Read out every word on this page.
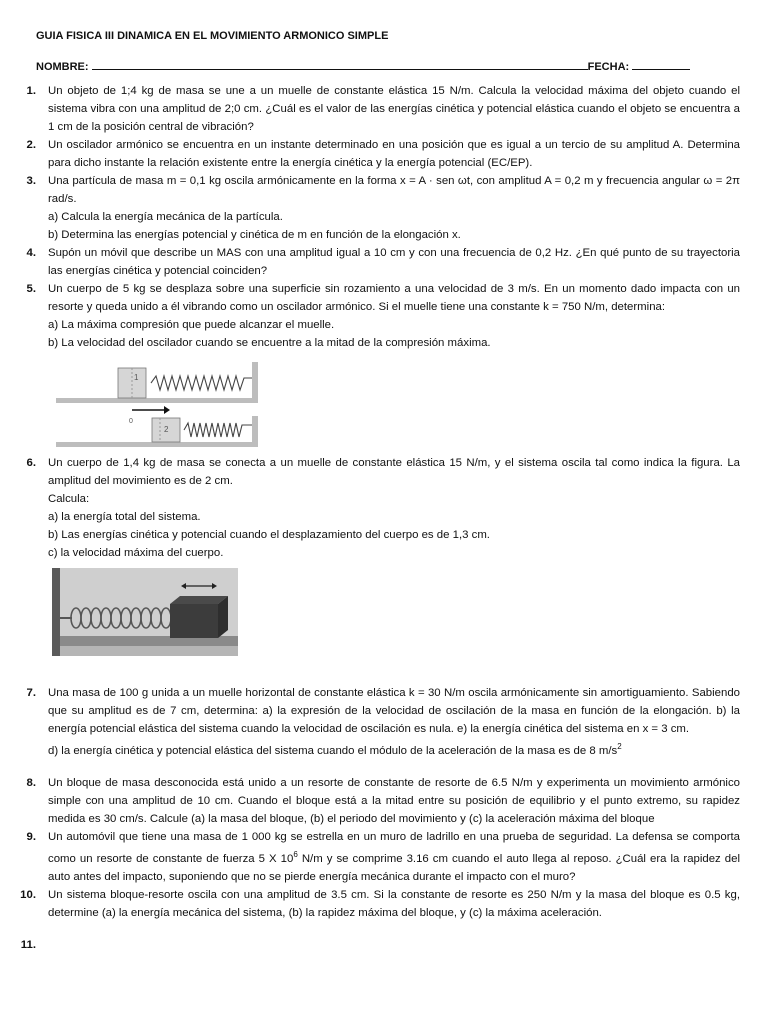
GUIA FISICA III DINAMICA EN EL MOVIMIENTO ARMONICO SIMPLE
NOMBRE:	FECHA:
1.	Un objeto de 1;4 kg de masa se une a un muelle de constante elástica 15 N/m. Calcula la velocidad máxima del objeto cuando el sistema vibra con una amplitud de 2;0 cm. ¿Cuál es el valor de las energías cinética y potencial elástica cuando el objeto se encuentra a 1 cm de la posición central de vibración?

2.	Un oscilador armónico se encuentra en un instante determinado en una posición que es igual a un tercio de su amplitud A. Determina para dicho instante la relación existente entre la energía cinética y la energía potencial (EC/EP).

3.	Una partícula de masa m = 0,1 kg oscila armónicamente en la forma x = A · sen ωt, con amplitud A = 0,2 m y frecuencia angular ω = 2π rad/s.

a) Calcula la energía mecánica de la partícula.

b) Determina las energías potencial y cinética de m en función de la elongación x.

4.	Supón un móvil que describe un MAS con una amplitud igual a 10 cm y con una frecuencia de 0,2 Hz. ¿En qué punto de su trayectoria las energías cinética y potencial coinciden?

5.	Un cuerpo de 5 kg se desplaza sobre una superficie sin rozamiento a una velocidad de 3 m/s. En un momento dado impacta con un resorte y queda unido a él vibrando como un oscilador armónico. Si el muelle tiene una constante k = 750 N/m, determina:

a) La máxima compresión que puede alcanzar el muelle.

b) La velocidad del oscilador cuando se encuentre a la mitad de la compresión máxima.

1
0
2
6.	Un cuerpo de 1,4 kg de masa se conecta a un muelle de constante elástica 15 N/m, y el sistema oscila tal como indica la figura. La amplitud del movimiento es de 2 cm.

Calcula:

a) la energía total del sistema.

b) Las energías cinética y potencial cuando el desplazamiento del cuerpo es de 1,3 cm.

c) la velocidad máxima del cuerpo.

7.	Una masa de 100 g unida a un muelle horizontal de constante elástica k = 30 N/m oscila armónicamente sin amortiguamiento. Sabiendo que su amplitud es de 7 cm, determina: a) la expresión de la velocidad de oscilación de la masa en función de la elongación. b) la energía potencial elástica del sistema cuando la velocidad de oscilación es nula. e) la energía cinética del sistema en x = 3 cm.

d) la energía cinética y potencial elástica del sistema cuando el módulo de la aceleración de la masa es de 8 $m/s^2$

8.	Un bloque de masa desconocida está unido a un resorte de constante de resorte de 6.5 N/m y experimenta un movimiento armónico simple con una amplitud de 10 cm. Cuando el bloque está a la mitad entre su posición de equilibrio y el punto extremo, su rapidez medida es 30 cm/s. Calcule (a) la masa del bloque, (b) el periodo del movimiento y (c) la aceleración máxima del bloque

9.	Un automóvil que tiene una masa de 1 000 kg se estrella en un muro de ladrillo en una prueba de seguridad. La defensa se comporta como un resorte de constante de fuerza 5 X $10^6$ N/m y se comprime 3.16 cm cuando el auto llega al reposo. ¿Cuál era la rapidez del auto antes del impacto, suponiendo que no se pierde energía mecánica durante el impacto con el muro?

10.	Un sistema bloque-resorte oscila con una amplitud de 3.5 cm. Si la constante de resorte es 250 N/m y la masa del bloque es 0.5 kg, determine (a) la energía mecánica del sistema, (b) la rapidez máxima del bloque, y (c) la máxima aceleración.

11.
